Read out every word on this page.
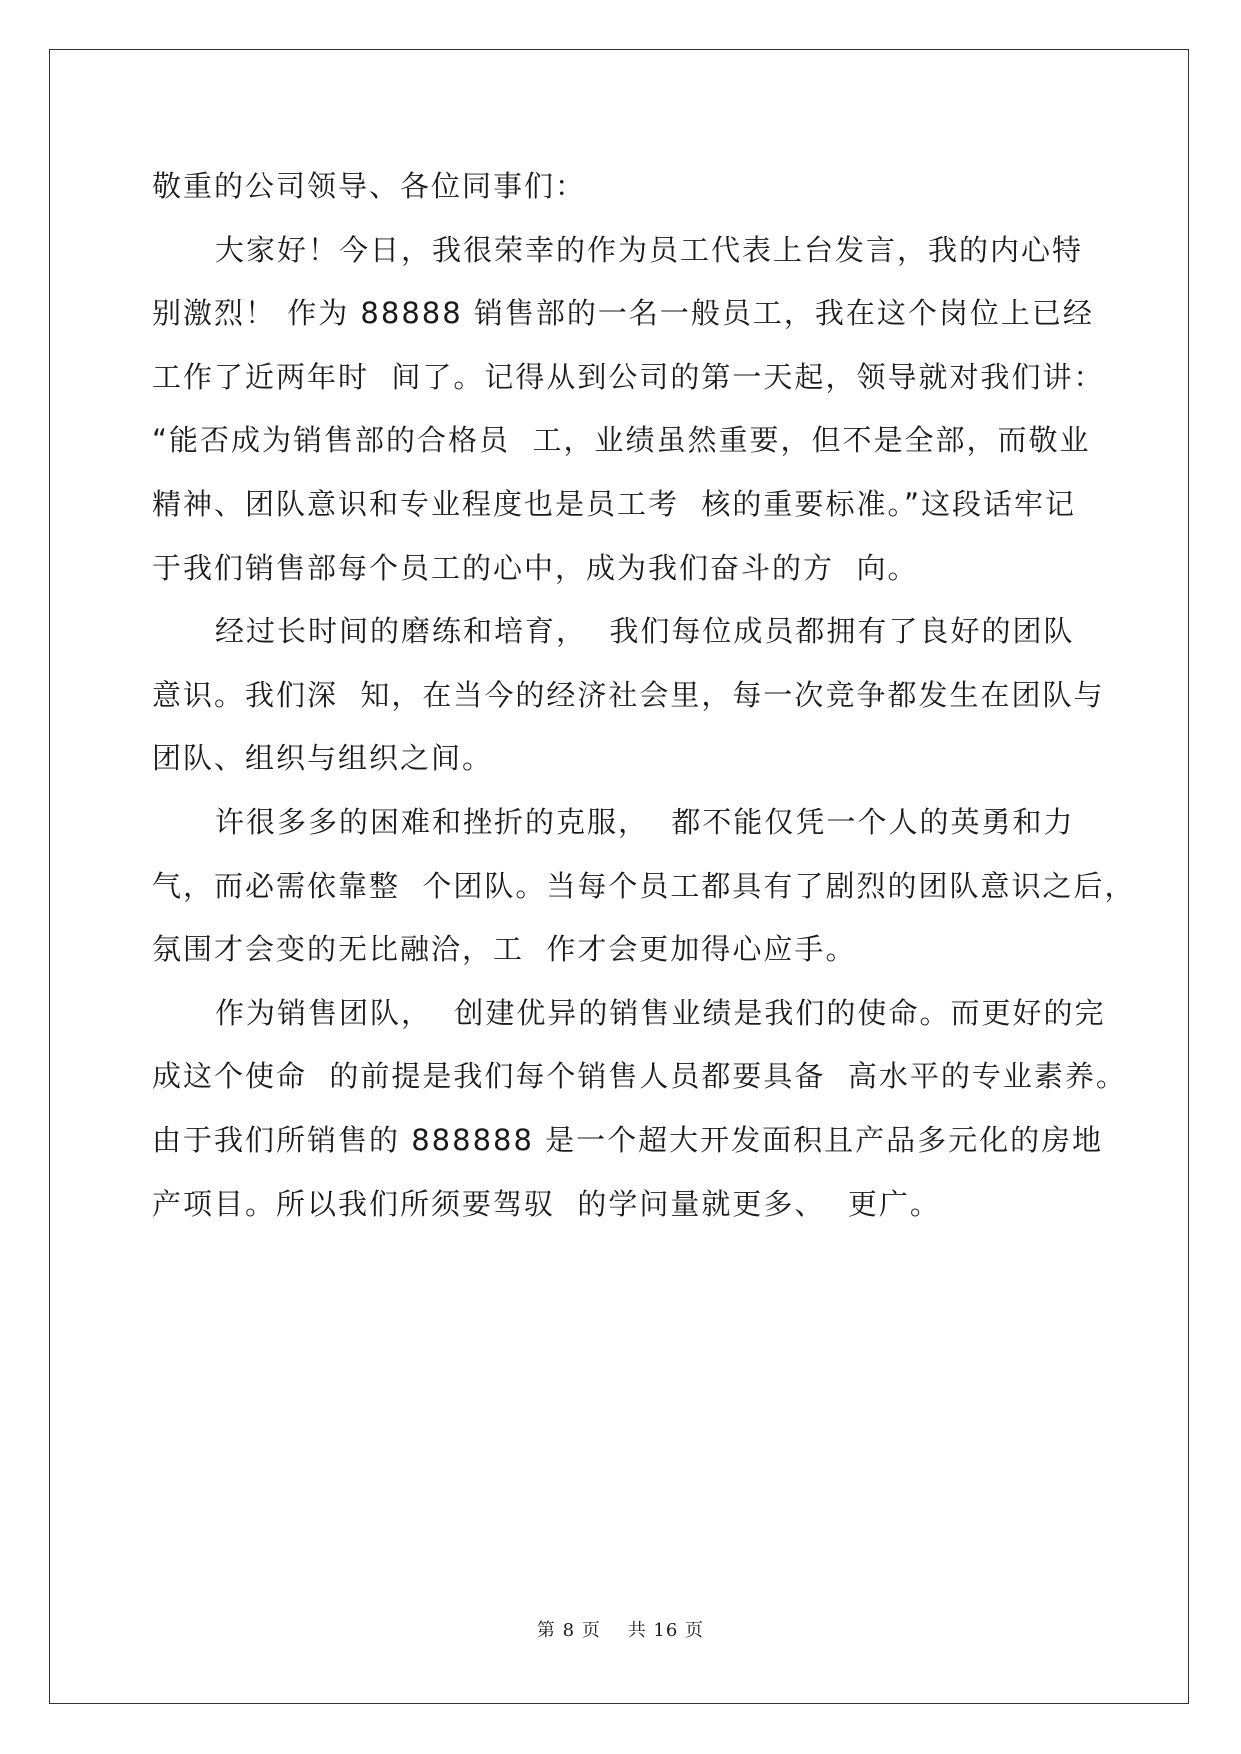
敬重的公司领导、各位同事们：
大家好！今日，我很荣幸的作为员工代表上台发言，我的内心特
别激烈！ 作为 88888 销售部的一名一般员工，我在这个岗位上已经
工作了近两年时  间了。记得从到公司的第一天起，领导就对我们讲：
“能否成为销售部的合格员  工，业绩虽然重要，但不是全部，而敬业
精神、团队意识和专业程度也是员工考  核的重要标准。”这段话牢记
于我们销售部每个员工的心中，成为我们奋斗的方  向。
经过长时间的磨练和培育，  我们每位成员都拥有了良好的团队
意识。我们深  知，在当今的经济社会里，每一次竞争都发生在团队与
团队、组织与组织之间。
许很多多的困难和挫折的克服，  都不能仅凭一个人的英勇和力
气，而必需依靠整  个团队。当每个员工都具有了剧烈的团队意识之后，
氛围才会变的无比融洽，工  作才会更加得心应手。
作为销售团队，  创建优异的销售业绩是我们的使命。而更好的完
成这个使命  的前提是我们每个销售人员都要具备  高水平的专业素养。
由于我们所销售的 888888 是一个超大开发面积且产品多元化的房地
产项目。所以我们所须要驾驭  的学问量就更多、  更广。
第 8 页    共 16 页
